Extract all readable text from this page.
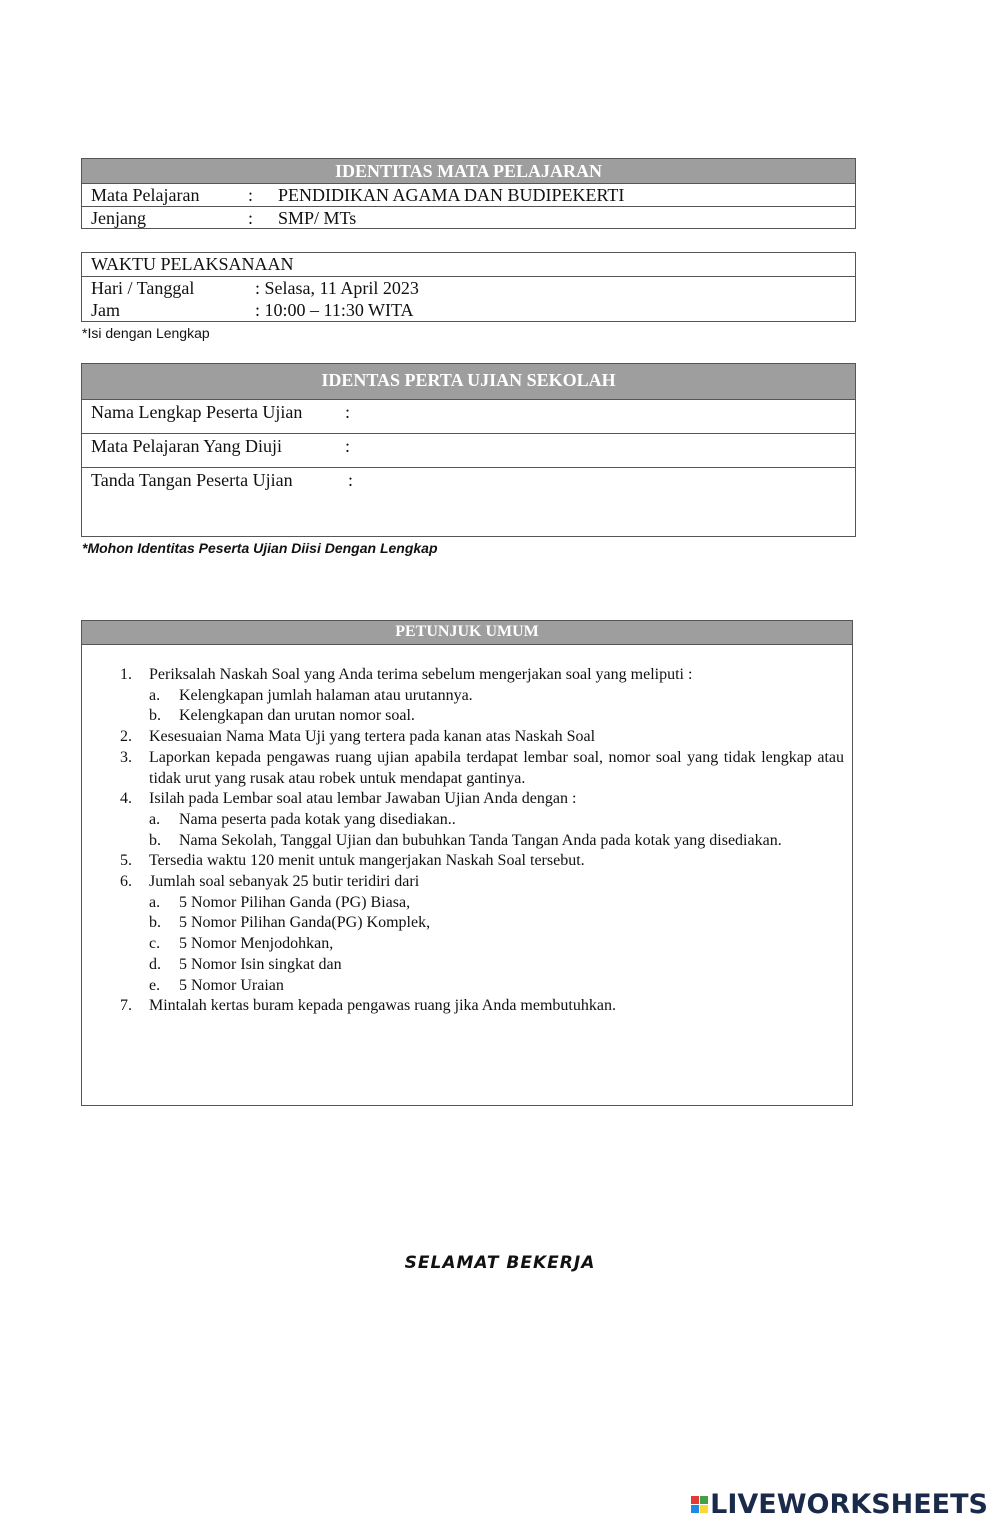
IDENTITAS MATA PELAJARAN
Mata Pelajaran	: PENDIDIKAN AGAMA DAN BUDIPEKERTI
Jenjang	: SMP/ MTs
WAKTU PELAKSANAAN
Hari / Tanggal	: Selasa, 11 April 2023
Jam	: 10:00 – 11:30 WITA
*Isi dengan Lengkap
IDENTAS PERTA UJIAN SEKOLAH
Nama Lengkap Peserta Ujian :
Mata Pelajaran Yang Diuji	:
Tanda Tangan Peserta Ujian	:
*Mohon Identitas Peserta Ujian Diisi Dengan Lengkap
PETUNJUK UMUM
1. Periksalah Naskah Soal yang Anda terima sebelum mengerjakan soal yang meliputi :
a. Kelengkapan jumlah halaman atau urutannya.
b. Kelengkapan dan urutan nomor soal.
2. Kesesuaian Nama Mata Uji yang tertera pada kanan atas Naskah Soal
3. Laporkan kepada pengawas ruang ujian apabila terdapat lembar soal, nomor soal yang tidak lengkap atau tidak urut yang rusak atau robek untuk mendapat gantinya.
4. Isilah pada Lembar soal atau lembar Jawaban Ujian Anda dengan :
a. Nama peserta pada kotak yang disediakan..
b. Nama Sekolah, Tanggal Ujian dan bubuhkan Tanda Tangan Anda pada kotak yang disediakan.
5. Tersedia waktu 120 menit untuk mangerjakan Naskah Soal tersebut.
6. Jumlah soal sebanyak 25 butir teridiri dari
a. 5 Nomor Pilihan Ganda (PG) Biasa,
b. 5 Nomor Pilihan Ganda(PG) Komplek,
c. 5 Nomor Menjodohkan,
d. 5 Nomor Isin singkat dan
e. 5 Nomor Uraian
7. Mintalah kertas buram kepada pengawas ruang jika Anda membutuhkan.
SELAMAT BEKERJA
LIVEWORKSHEETS
